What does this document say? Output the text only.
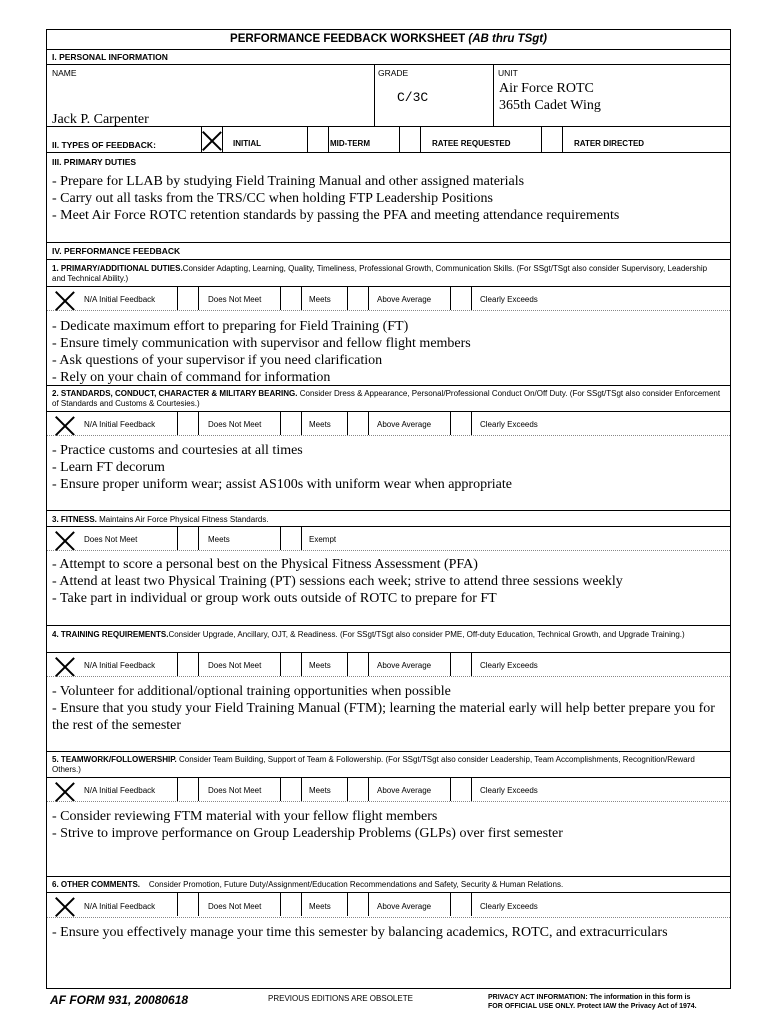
PERFORMANCE FEEDBACK WORKSHEET (AB thru TSgt)
I. PERSONAL INFORMATION
NAME
Jack P. Carpenter
GRADE
C/3C
UNIT
Air Force ROTC
365th Cadet Wing
II. TYPES OF FEEDBACK:	INITIAL	MID-TERM	RATEE REQUESTED	RATER DIRECTED
III. PRIMARY DUTIES
- Prepare for LLAB by studying Field Training Manual and other assigned materials
- Carry out all tasks from the TRS/CC when holding FTP Leadership Positions
- Meet Air Force ROTC retention standards by passing the PFA and meeting attendance requirements
IV. PERFORMANCE FEEDBACK
1. PRIMARY/ADDITIONAL DUTIES.Consider Adapting, Learning, Quality, Timeliness, Professional Growth, Communication Skills. (For SSgt/TSgt also consider Supervisory, Leadership and Technical Ability.)
N/A Initial Feedback	Does Not Meet	Meets	Above Average	Clearly Exceeds
- Dedicate maximum effort to preparing for Field Training (FT)
- Ensure timely communication with supervisor and fellow flight members
- Ask questions of your supervisor if you need clarification
- Rely on your chain of command for information
2. STANDARDS, CONDUCT, CHARACTER & MILITARY BEARING. Consider Dress & Appearance, Personal/Professional Conduct On/Off Duty. (For SSgt/TSgt also consider Enforcement of Standards and Customs & Courtesies.)
N/A Initial Feedback	Does Not Meet	Meets	Above Average	Clearly Exceeds
- Practice customs and courtesies at all times
- Learn FT decorum
- Ensure proper uniform wear; assist AS100s with uniform wear when appropriate
3. FITNESS. Maintains Air Force Physical Fitness Standards.
Does Not Meet	Meets	Exempt
- Attempt to score a personal best on the Physical Fitness Assessment (PFA)
- Attend at least two Physical Training (PT) sessions each week; strive to attend three sessions weekly
- Take part in individual or group work outs outside of ROTC to prepare for FT
4. TRAINING REQUIREMENTS.Consider Upgrade, Ancillary, OJT, & Readiness. (For SSgt/TSgt also consider PME, Off-duty Education, Technical Growth, and Upgrade Training.)
N/A Initial Feedback	Does Not Meet	Meets	Above Average	Clearly Exceeds
- Volunteer for additional/optional training opportunities when possible
- Ensure that you study your Field Training Manual (FTM); learning the material early will help better prepare you for the rest of the semester
5. TEAMWORK/FOLLOWERSHIP. Consider Team Building, Support of Team & Followership. (For SSgt/TSgt also consider Leadership, Team Accomplishments, Recognition/Reward Others.)
N/A Initial Feedback	Does Not Meet	Meets	Above Average	Clearly Exceeds
- Consider reviewing FTM material with your fellow flight members
- Strive to improve performance on Group Leadership Problems (GLPs) over first semester
6. OTHER COMMENTS. Consider Promotion, Future Duty/Assignment/Education Recommendations and Safety, Security & Human Relations.
N/A Initial Feedback	Does Not Meet	Meets	Above Average	Clearly Exceeds
- Ensure you effectively manage your time this semester by balancing academics, ROTC, and extracurriculars
AF FORM 931, 20080618	PREVIOUS EDITIONS ARE OBSOLETE	PRIVACY ACT INFORMATION: The information in this form is
FOR OFFICIAL USE ONLY. Protect IAW the Privacy Act of 1974.
